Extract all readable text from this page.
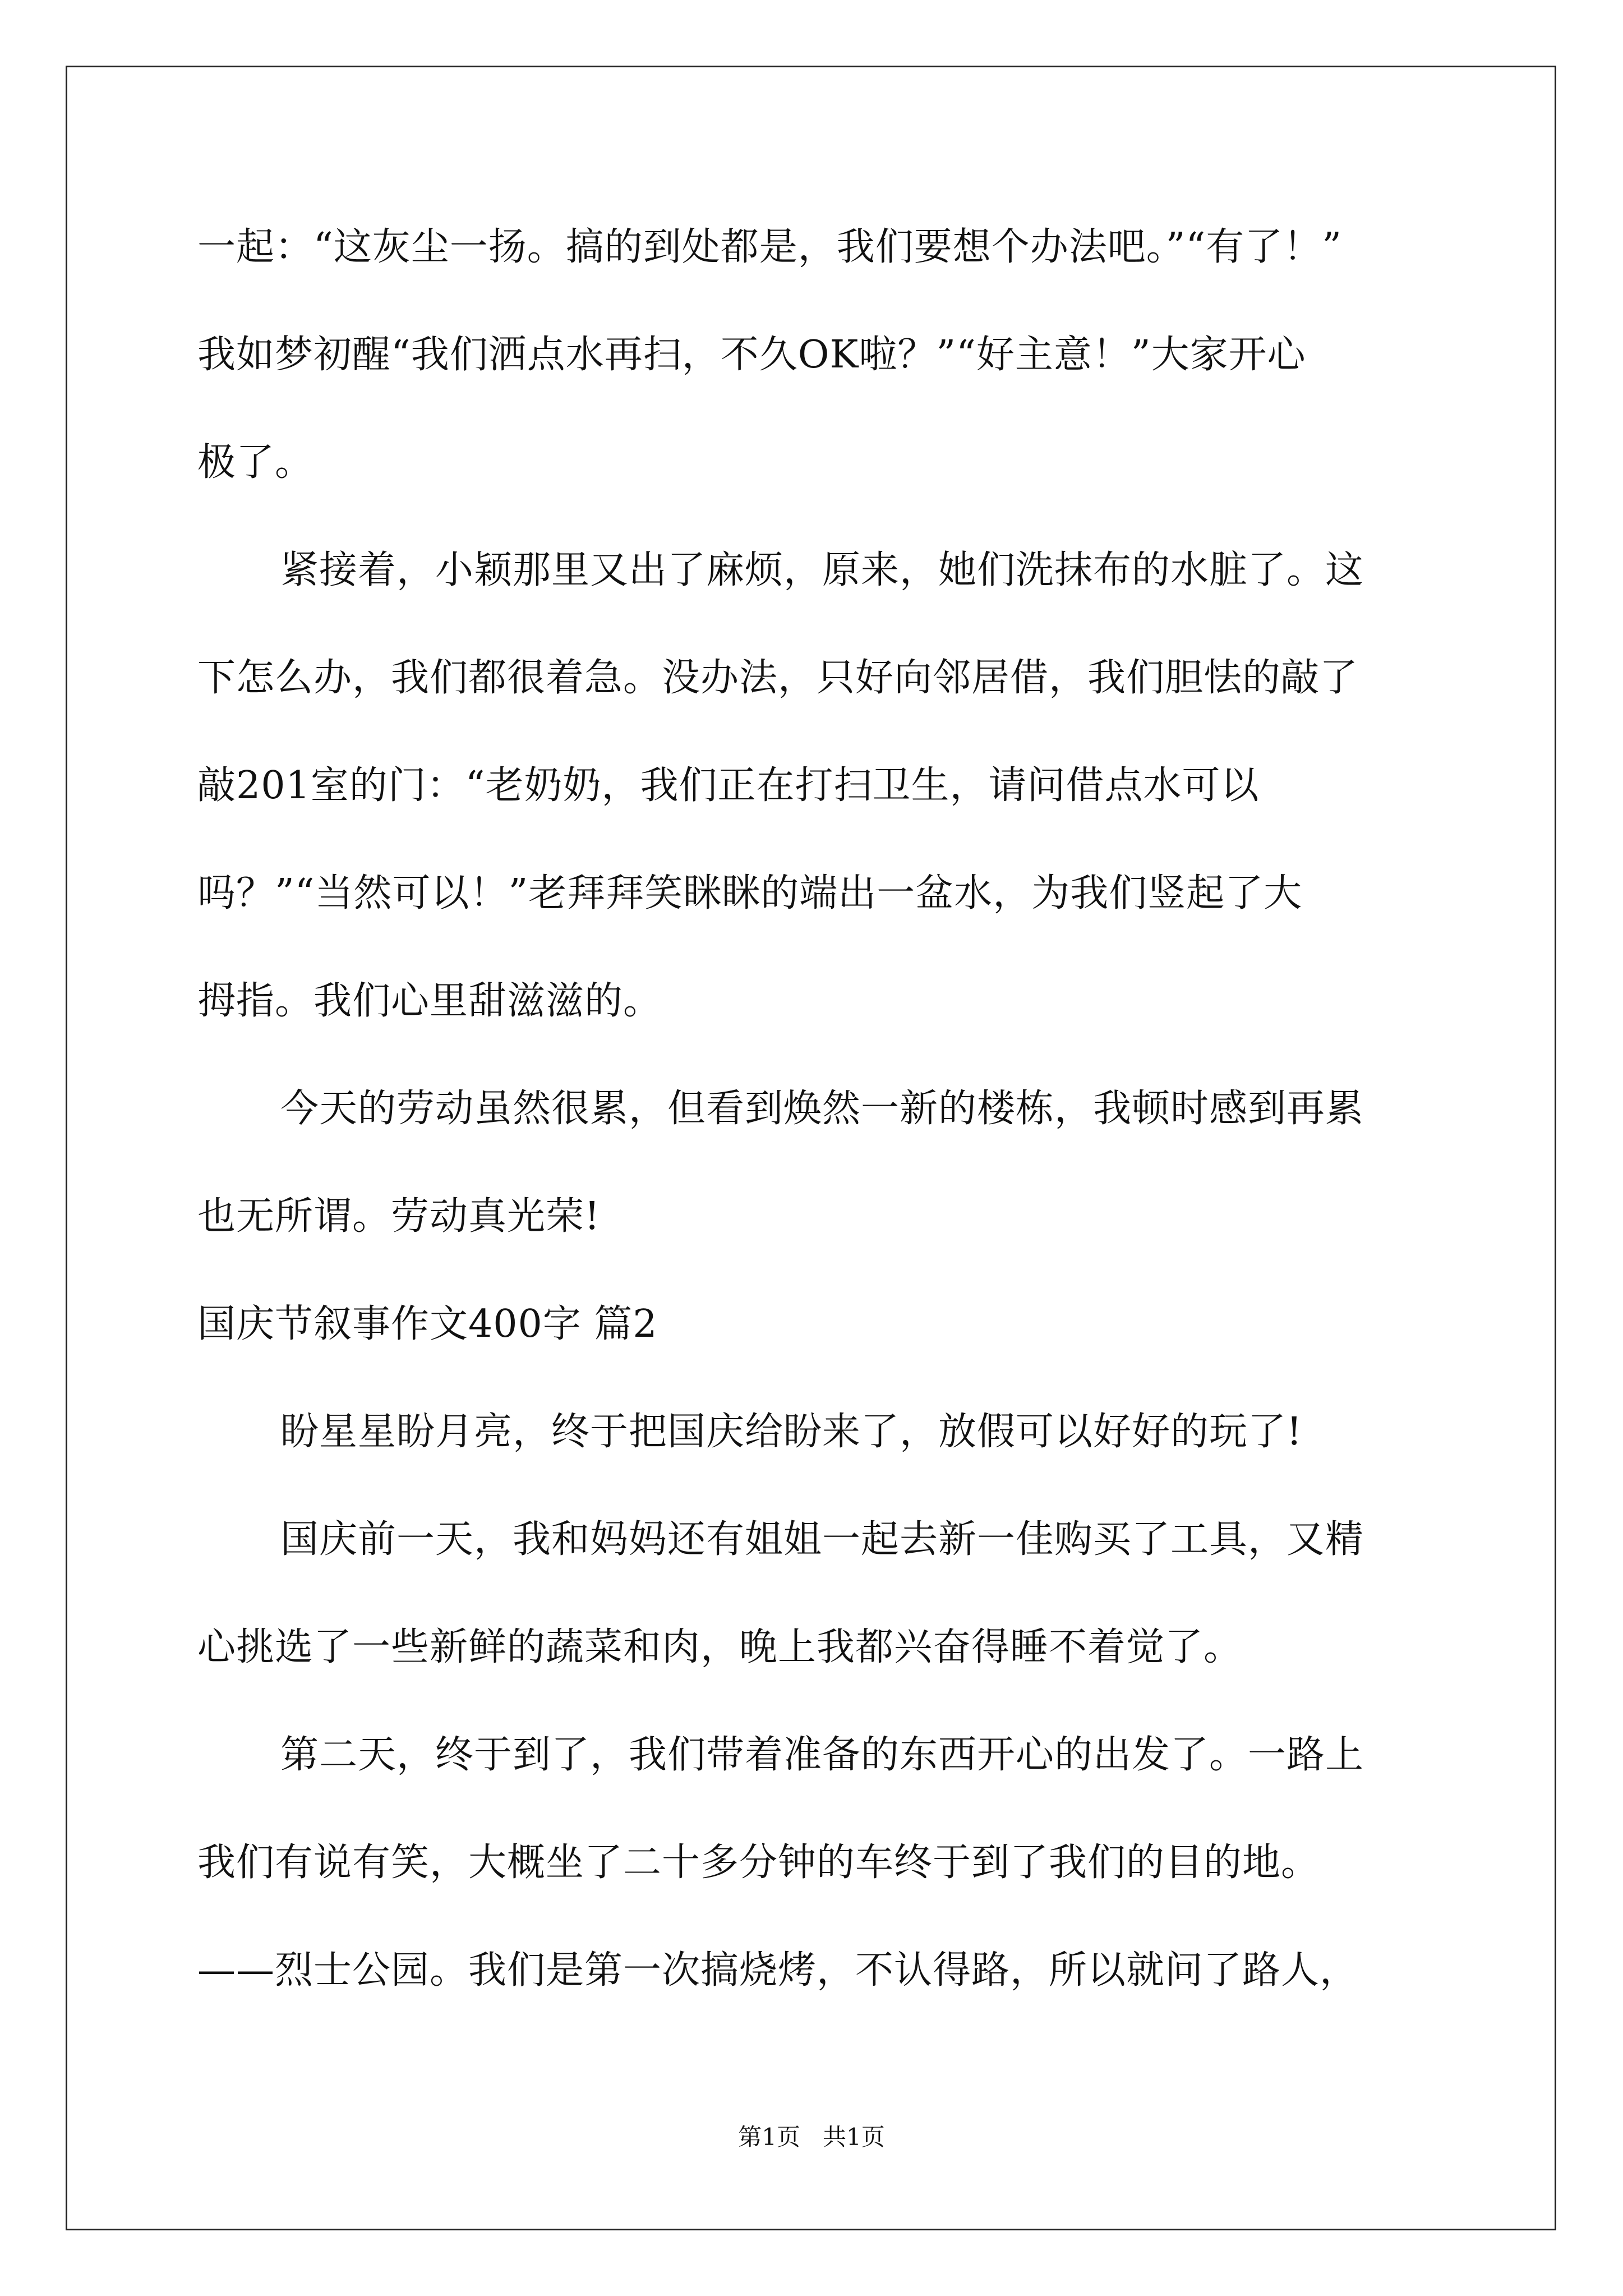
一起：“这灰尘一扬。搞的到处都是，我们要想个办法吧。”“有了！”
我如梦初醒“我们洒点水再扫，不久OK啦？”“好主意！”大家开心
极了。
紧接着，小颖那里又出了麻烦，原来，她们洗抹布的水脏了。这
下怎么办，我们都很着急。没办法，只好向邻居借，我们胆怯的敲了
敲201室的门：“老奶奶，我们正在打扫卫生，请问借点水可以
吗？”“当然可以！”老拜拜笑眯眯的端出一盆水，为我们竖起了大
拇指。我们心里甜滋滋的。
今天的劳动虽然很累，但看到焕然一新的楼栋，我顿时感到再累
也无所谓。劳动真光荣!
国庆节叙事作文400字 篇2
盼星星盼月亮，终于把国庆给盼来了，放假可以好好的玩了!
国庆前一天，我和妈妈还有姐姐一起去新一佳购买了工具，又精
心挑选了一些新鲜的蔬菜和肉，晚上我都兴奋得睡不着觉了。
第二天，终于到了，我们带着准备的东西开心的出发了。一路上
我们有说有笑，大概坐了二十多分钟的车终于到了我们的目的地。
——烈士公园。我们是第一次搞烧烤，不认得路，所以就问了路人，
第1页 共1页
